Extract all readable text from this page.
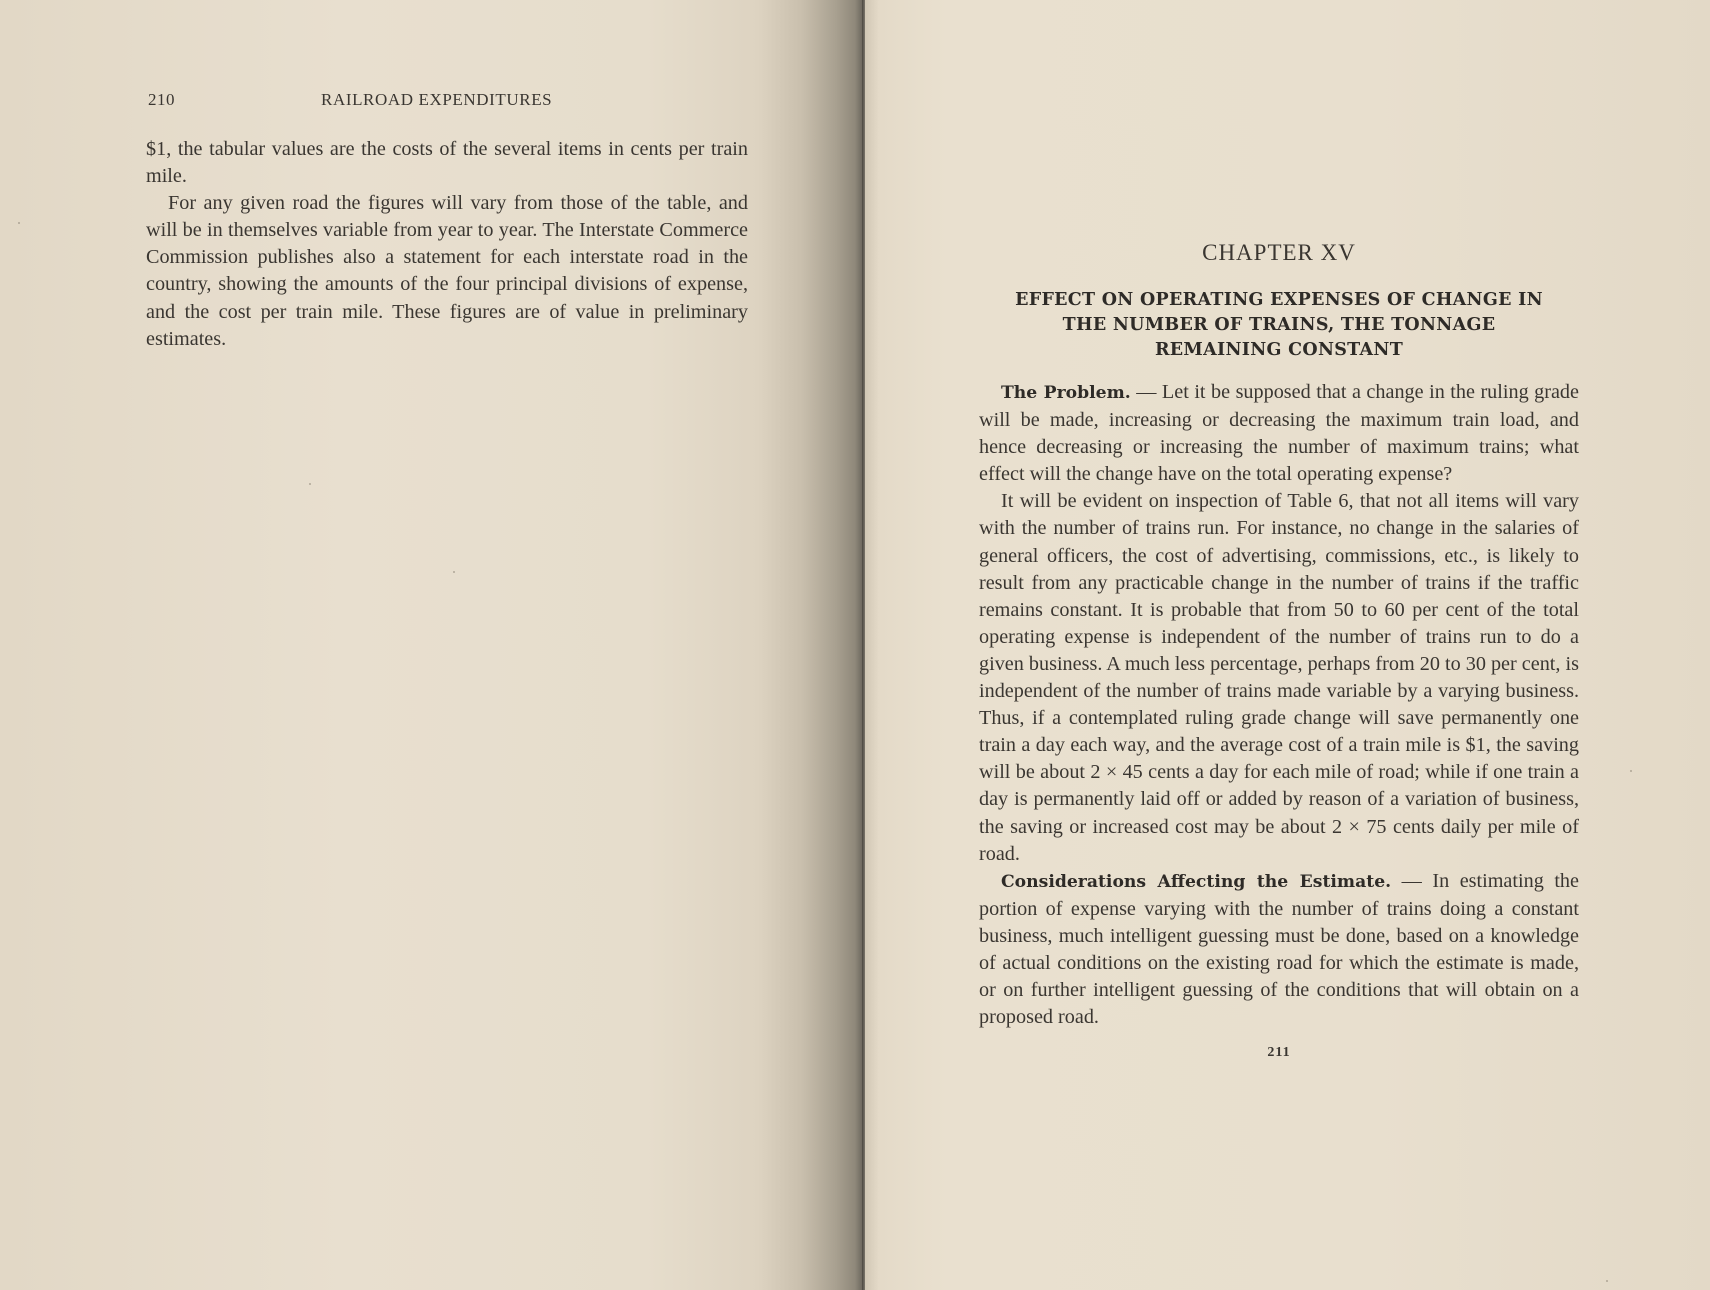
210	RAILROAD EXPENDITURES

$1, the tabular values are the costs of the several items in cents per train mile.

For any given road the figures will vary from those of the table, and will be in themselves variable from year to year. The Interstate Commerce Commission publishes also a statement for each interstate road in the country, showing the amounts of the four principal divisions of expense, and the cost per train mile. These figures are of value in preliminary estimates.

CHAPTER XV
EFFECT ON OPERATING EXPENSES OF CHANGE IN
THE NUMBER OF TRAINS, THE TONNAGE
REMAINING CONSTANT

The Problem. — Let it be supposed that a change in the ruling grade will be made, increasing or decreasing the maximum train load, and hence decreasing or increasing the number of maximum trains; what effect will the change have on the total operating expense?

It will be evident on inspection of Table 6, that not all items will vary with the number of trains run. For instance, no change in the salaries of general officers, the cost of advertising, commissions, etc., is likely to result from any practicable change in the number of trains if the traffic remains constant. It is probable that from 50 to 60 per cent of the total operating expense is independent of the number of trains run to do a given business. A much less percentage, perhaps from 20 to 30 per cent, is independent of the number of trains made variable by a varying business. Thus, if a contemplated ruling grade change will save permanently one train a day each way, and the average cost of a train mile is $1, the saving will be about 2 × 45 cents a day for each mile of road; while if one train a day is permanently laid off or added by reason of a variation of business, the saving or increased cost may be about 2 × 75 cents daily per mile of road.

Considerations Affecting the Estimate. — In estimating the portion of expense varying with the number of trains doing a constant business, much intelligent guessing must be done, based on a knowledge of actual conditions on the existing road for which the estimate is made, or on further intelligent guessing of the conditions that will obtain on a proposed road.

211
